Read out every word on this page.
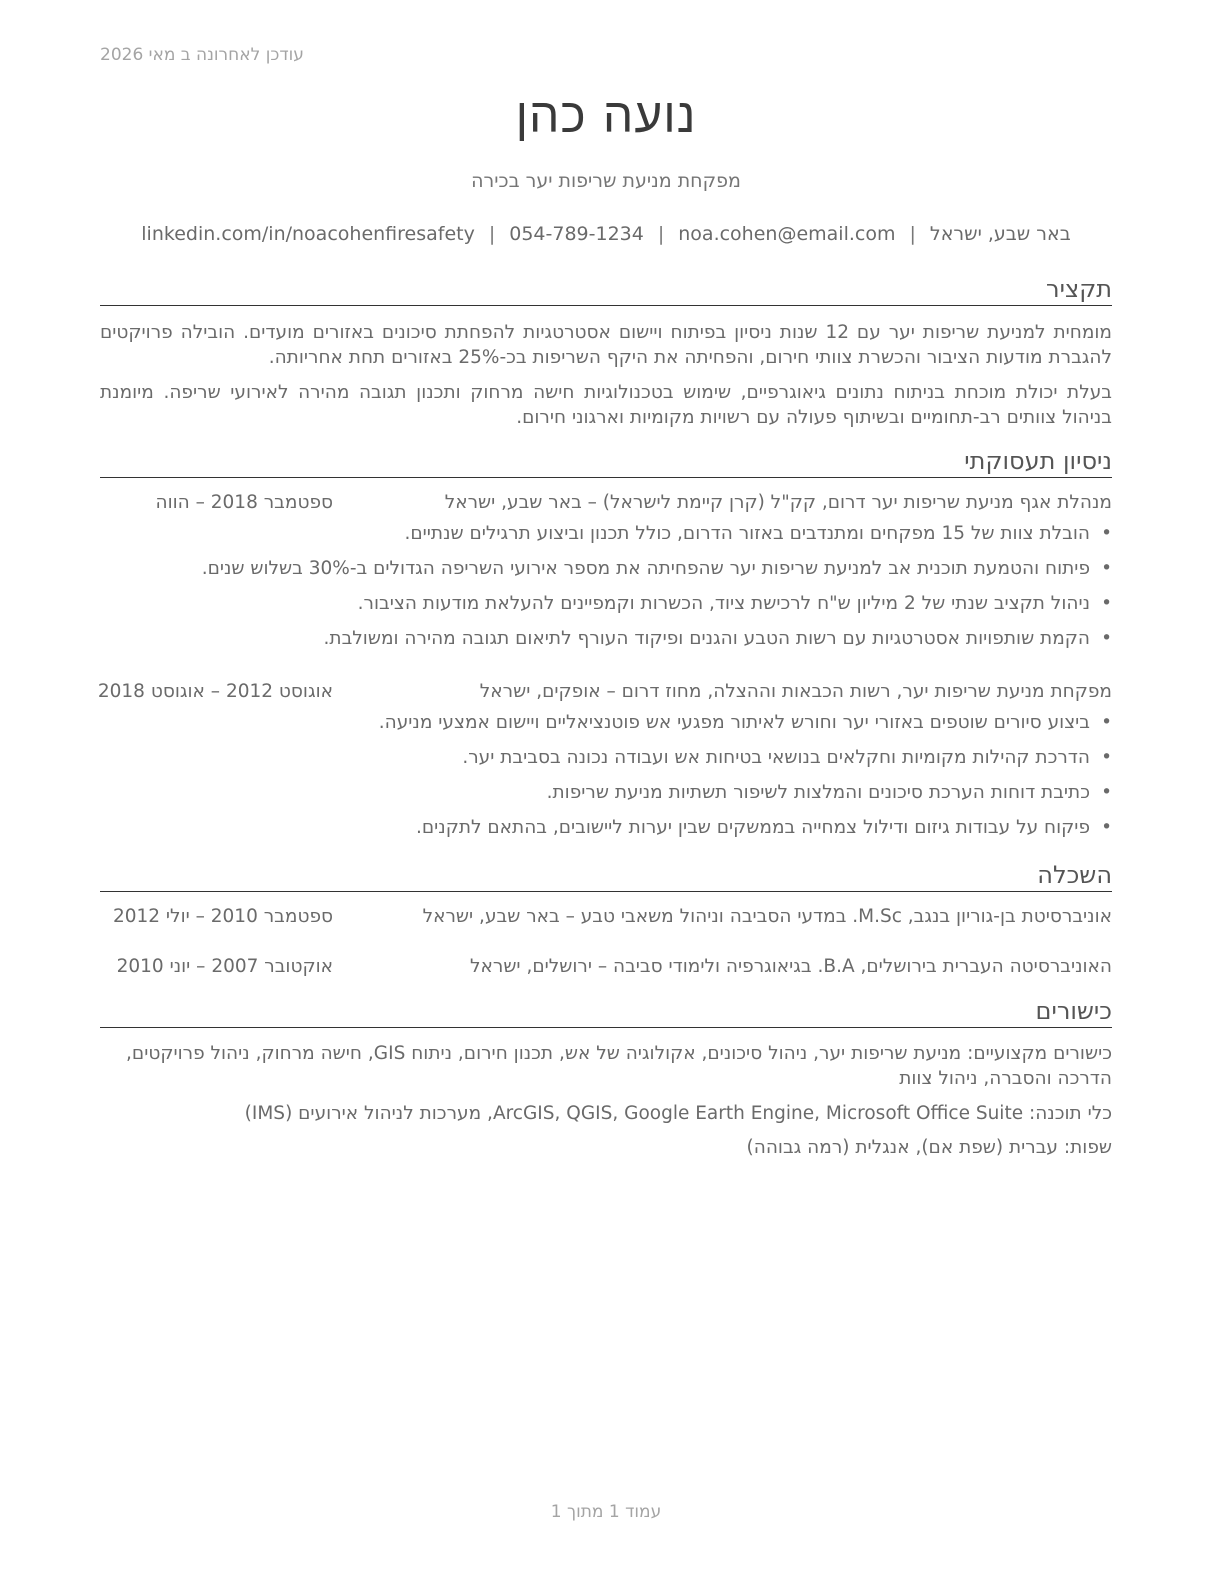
עודכן לאחרונה ב מאי 2026
נועה כהן
מפקחת מניעת שריפות יער בכירה
באר שבע, ישראל|noa.cohen@email.com|054-789-1234|linkedin.com/in/noacohenfiresafety
תקציר
מומחית למניעת שריפות יער עם 12 שנות ניסיון בפיתוח ויישום אסטרטגיות להפחתת סיכונים באזורים מועדים. הובילה פרויקטים להגברת מודעות הציבור והכשרת צוותי חירום, והפחיתה את היקף השריפות בכ-25% באזורים תחת אחריותה.
בעלת יכולת מוכחת בניתוח נתונים גיאוגרפיים, שימוש בטכנולוגיות חישה מרחוק ותכנון תגובה מהירה לאירועי שריפה. מיומנת בניהול צוותים רב-תחומיים ובשיתוף פעולה עם רשויות מקומיות וארגוני חירום.
ניסיון תעסוקתי
מנהלת אגף מניעת שריפות יער דרום, קק"ל (קרן קיימת לישראל) – באר שבע, ישראל
ספטמבר 2018 – הווה
•הובלת צוות של 15 מפקחים ומתנדבים באזור הדרום, כולל תכנון וביצוע תרגילים שנתיים.
•פיתוח והטמעת תוכנית אב למניעת שריפות יער שהפחיתה את מספר אירועי השריפה הגדולים ב-30% בשלוש שנים.
•ניהול תקציב שנתי של 2 מיליון ש"ח לרכישת ציוד, הכשרות וקמפיינים להעלאת מודעות הציבור.
•הקמת שותפויות אסטרטגיות עם רשות הטבע והגנים ופיקוד העורף לתיאום תגובה מהירה ומשולבת.
מפקחת מניעת שריפות יער, רשות הכבאות וההצלה, מחוז דרום – אופקים, ישראל
אוגוסט 2012 – אוגוסט 2018
•ביצוע סיורים שוטפים באזורי יער וחורש לאיתור מפגעי אש פוטנציאליים ויישום אמצעי מניעה.
•הדרכת קהילות מקומיות וחקלאים בנושאי בטיחות אש ועבודה נכונה בסביבת יער.
•כתיבת דוחות הערכת סיכונים והמלצות לשיפור תשתיות מניעת שריפות.
•פיקוח על עבודות גיזום ודילול צמחייה בממשקים שבין יערות ליישובים, בהתאם לתקנים.
השכלה
אוניברסיטת בן-גוריון בנגב, M.Sc. במדעי הסביבה וניהול משאבי טבע – באר שבע, ישראל
ספטמבר 2010 – יולי 2012
האוניברסיטה העברית בירושלים, B.A. בגיאוגרפיה ולימודי סביבה – ירושלים, ישראל
אוקטובר 2007 – יוני 2010
כישורים
כישורים מקצועיים: מניעת שריפות יער, ניהול סיכונים, אקולוגיה של אש, תכנון חירום, ניתוח GIS, חישה מרחוק, ניהול פרויקטים, הדרכה והסברה, ניהול צוות
כלי תוכנה: ArcGIS, QGIS, Google Earth Engine, Microsoft Office Suite, מערכות לניהול אירועים (IMS)
שפות: עברית (שפת אם), אנגלית (רמה גבוהה)
עמוד 1 מתוך 1
